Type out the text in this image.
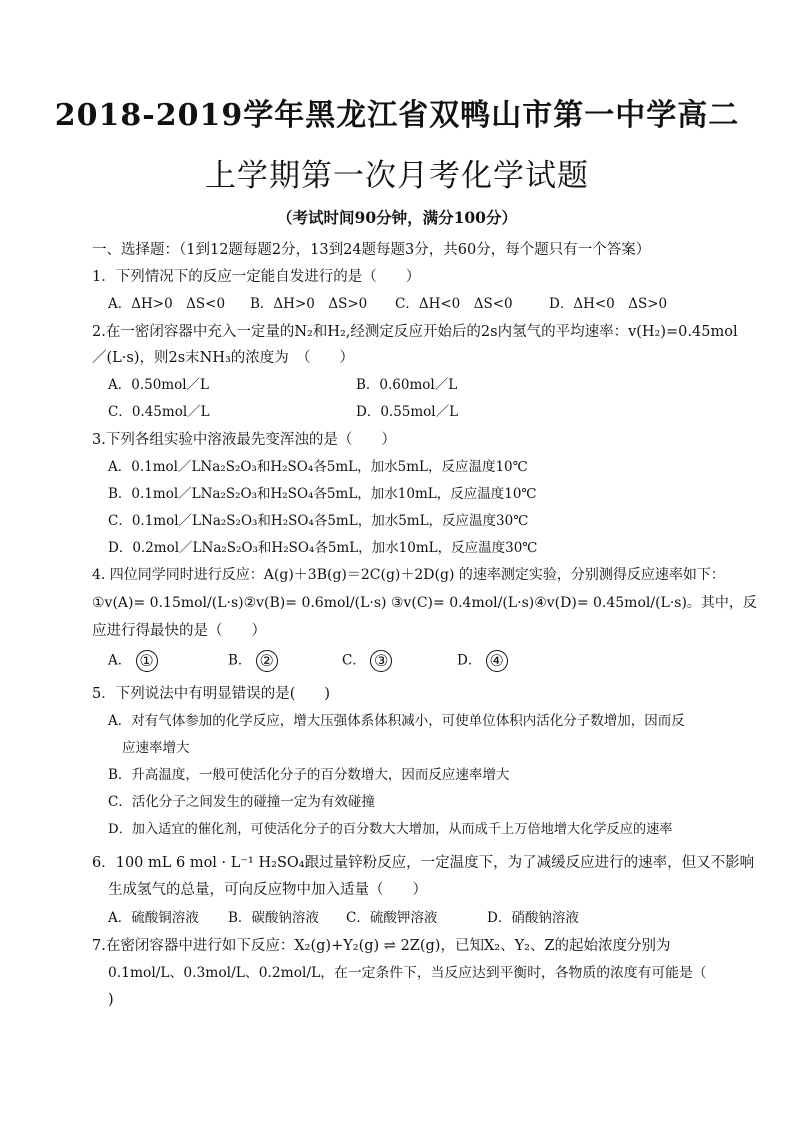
2018-2019学年黑龙江省双鸭山市第一中学高二
上学期第一次月考化学试题
（考试时间90分钟，满分100分）
一、选择题：（1到12题每题2分，13到24题每题3分，共60分，每个题只有一个答案）
1．下列情况下的反应一定能自发进行的是（　　）
A．ΔH>0　ΔS<0 B．ΔH>0　ΔS>0 C．ΔH<0　ΔS<0	D．ΔH<0　ΔS>0
2.在一密闭容器中充入一定量的N₂和H₂,经测定反应开始后的2s内氢气的平均速率：v(H₂)=0.45mol
／(L·s)，则2s末NH₃的浓度为　（　　）
A．0.50mol／L	B．0.60mol／L
C．0.45mol／L	D．0.55mol／L
3.下列各组实验中溶液最先变浑浊的是（　　）
A．0.1mol／LNa₂S₂O₃和H₂SO₄各5mL，加水5mL，反应温度10℃
B．0.1mol／LNa₂S₂O₃和H₂SO₄各5mL，加水10mL，反应温度10℃
C．0.1mol／LNa₂S₂O₃和H₂SO₄各5mL，加水5mL，反应温度30℃
D．0.2mol／LNa₂S₂O₃和H₂SO₄各5mL，加水10mL，反应温度30℃
4. 四位同学同时进行反应：A(g)＋3B(g)＝2C(g)＋2D(g) 的速率测定实验，分别测得反应速率如下：
①v(A)= 0.15mol/(L·s)②v(B)= 0.6mol/(L·s) ③v(C)= 0.4mol/(L·s)④v(D)= 0.45mol/(L·s)。其中，反
应进行得最快的是（　　）
A． ①	B． ②	C． ③	D． ④
5．下列说法中有明显错误的是(　　)
A．对有气体参加的化学反应，增大压强体系体积减小，可使单位体积内活化分子数增加，因而反
应速率增大
B．升高温度，一般可使活化分子的百分数增大，因而反应速率增大
C．活化分子之间发生的碰撞一定为有效碰撞
D．加入适宜的催化剂，可使活化分子的百分数大大增加，从而成千上万倍地增大化学反应的速率
6．100 mL 6 mol · L⁻¹ H₂SO₄跟过量锌粉反应，一定温度下，为了减缓反应进行的速率，但又不影响
生成氢气的总量，可向反应物中加入适量（　　）
A．硫酸铜溶液 B．碳酸钠溶液 C．硫酸钾溶液	D．硝酸钠溶液
7.在密闭容器中进行如下反应：X₂(g)+Y₂(g) ⇌ 2Z(g)，已知X₂、Y₂、Z的起始浓度分别为
0.1mol/L、0.3mol/L、0.2mol/L，在一定条件下，当反应达到平衡时，各物质的浓度有可能是（
)
